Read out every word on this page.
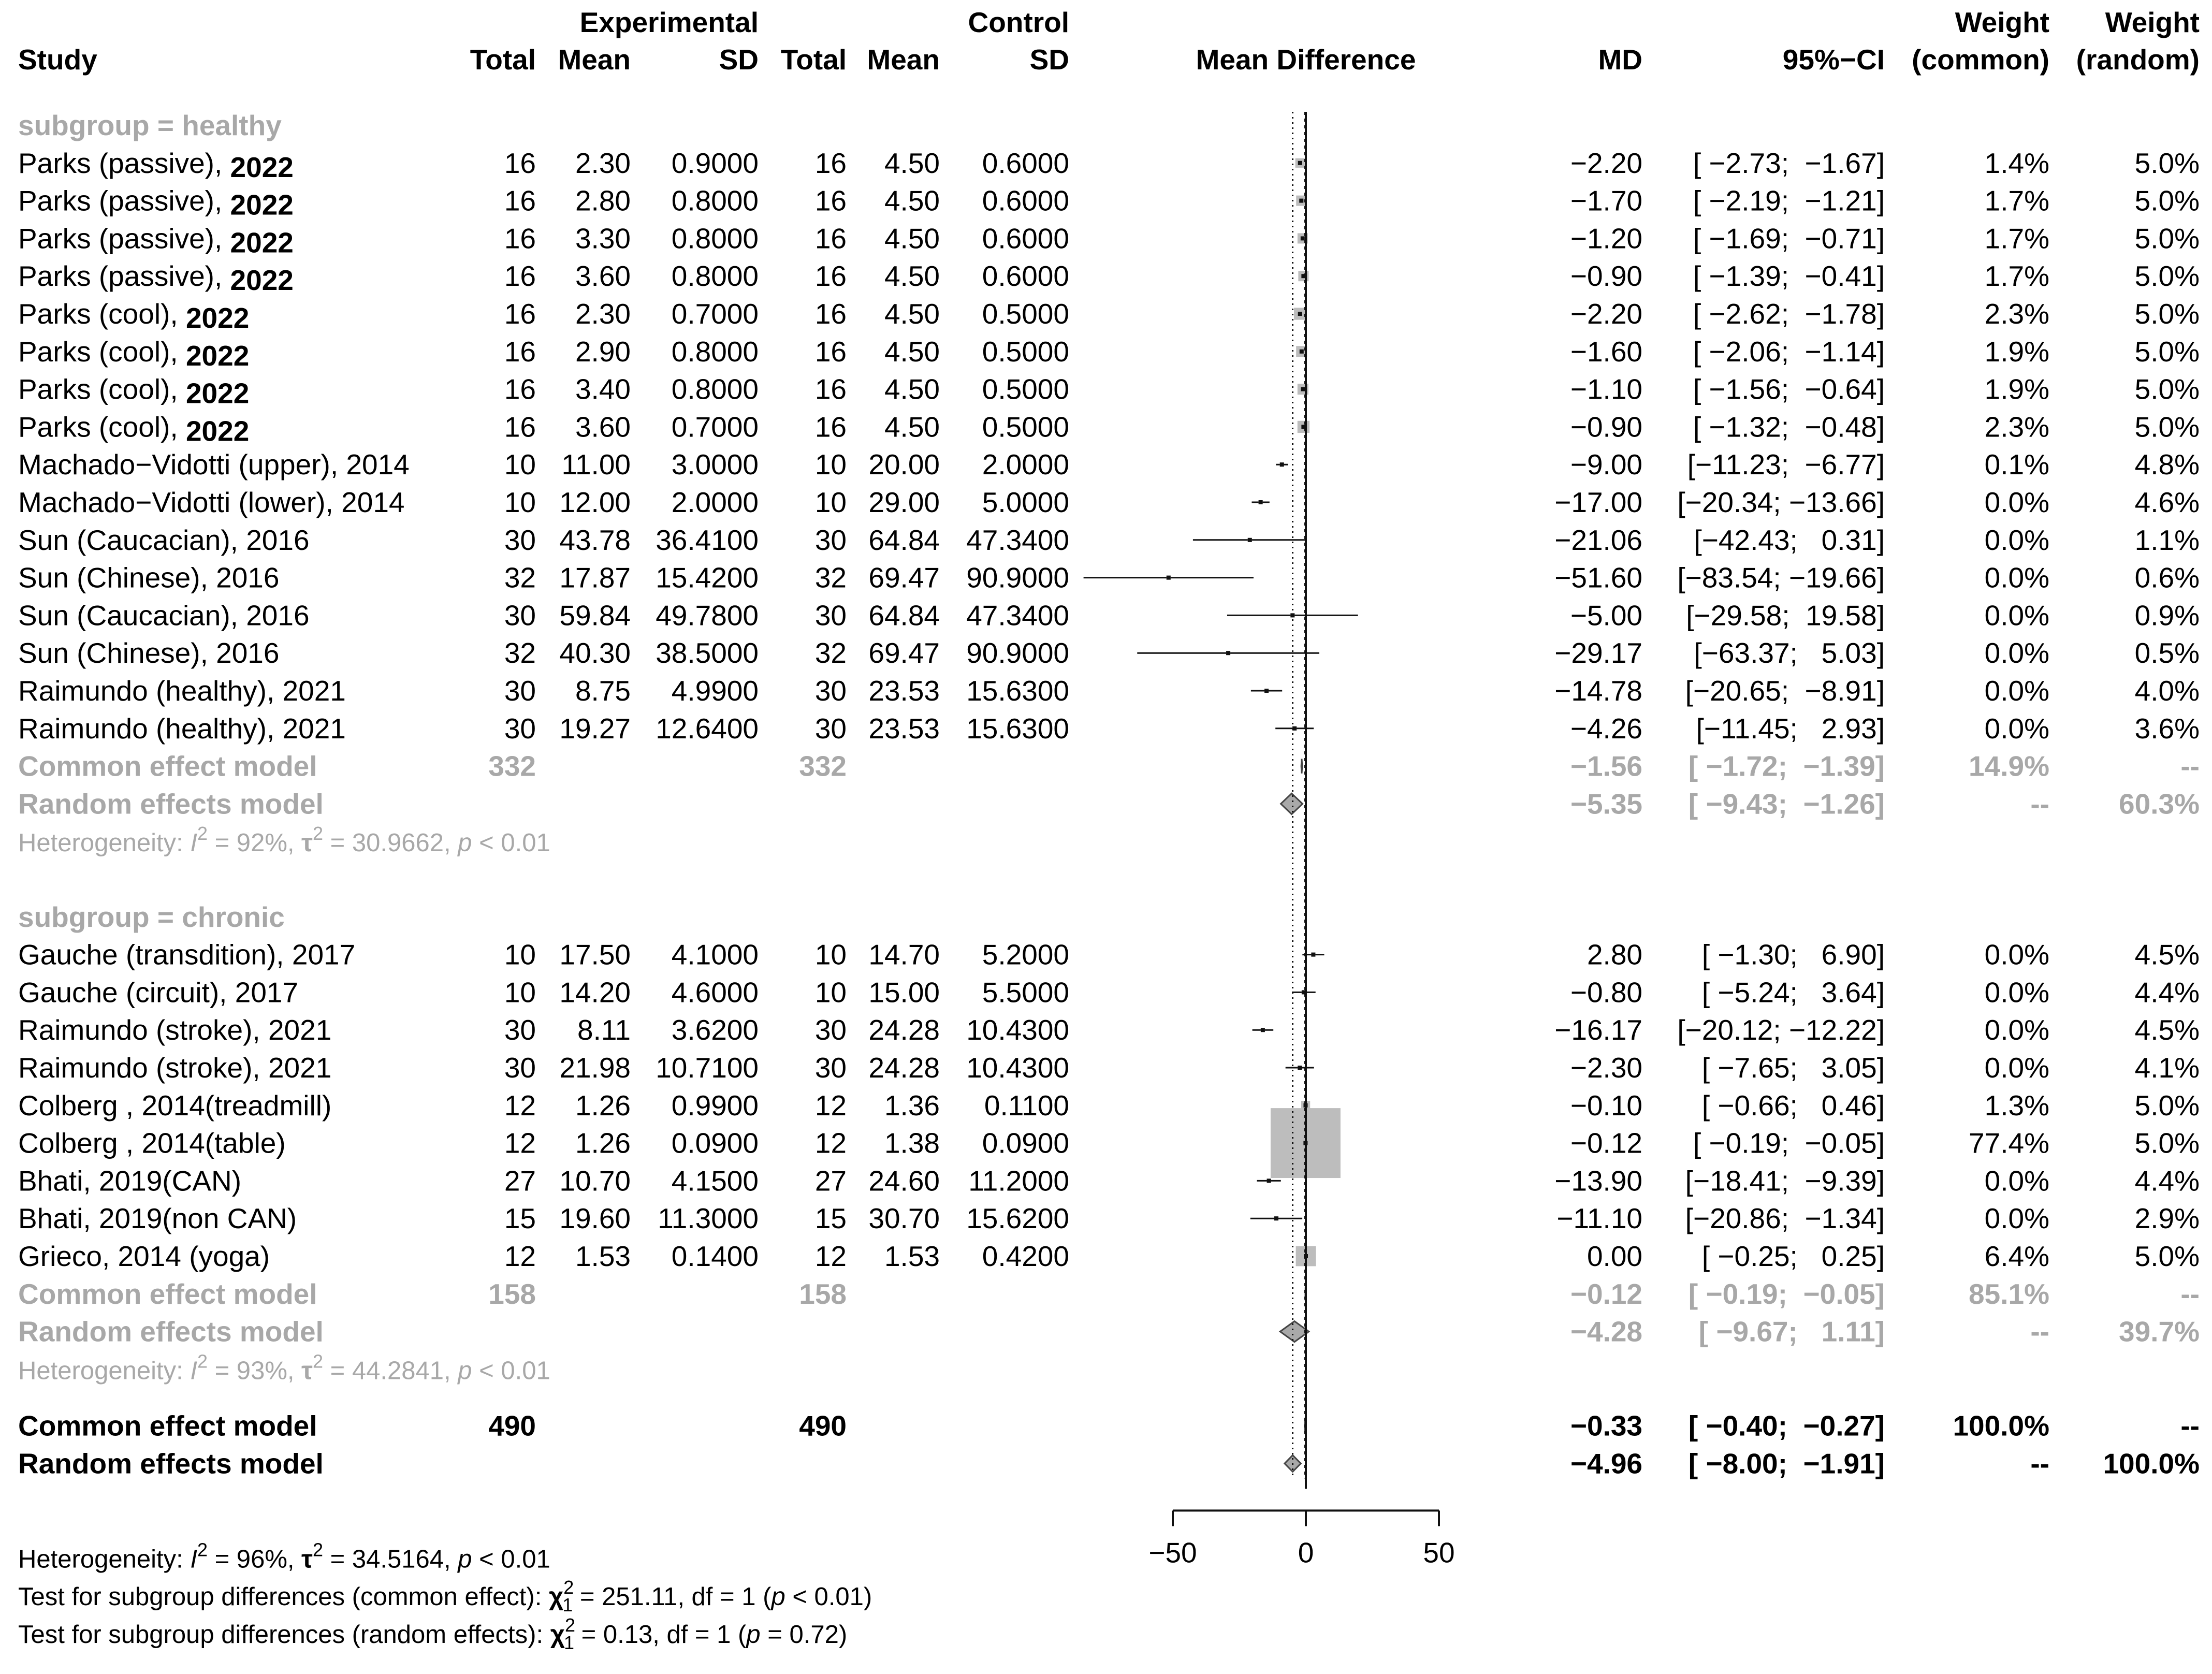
Experimental	Control	Weight Weight
Study	Total Mean	SD Total Mean	SD	Mean Difference	MD	95%−CI (common) (random)
subgroup = healthy
Parks (passive), 2022	16 2.30 0.9000 16 4.50 0.6000	−2.20 [ −2.73;  −1.67]	1.4%	5.0%
Parks (passive), 2022	16 2.80 0.8000 16 4.50 0.6000	−1.70 [ −2.19;  −1.21]	1.7%	5.0%
Parks (passive), 2022	16 3.30 0.8000 16 4.50 0.6000	−1.20 [ −1.69;  −0.71]	1.7%	5.0%
Parks (passive), 2022	16 3.60 0.8000 16 4.50 0.6000	−0.90 [ −1.39;  −0.41]	1.7%	5.0%
Parks (cool), 2022	16 2.30 0.7000 16 4.50 0.5000	−2.20 [ −2.62;  −1.78]	2.3%	5.0%
Parks (cool), 2022	16 2.90 0.8000 16 4.50 0.5000	−1.60 [ −2.06;  −1.14]	1.9%	5.0%
Parks (cool), 2022	16 3.40 0.8000 16 4.50 0.5000	−1.10 [ −1.56;  −0.64]	1.9%	5.0%
Parks (cool), 2022	16 3.60 0.7000 16 4.50 0.5000	−0.90 [ −1.32;  −0.48]	2.3%	5.0%
Machado−Vidotti (upper), 2014	10 11.00 3.0000 10 20.00 2.0000	−9.00 [−11.23;  −6.77]	0.1%	4.8%
Machado−Vidotti (lower), 2014	10 12.00 2.0000 10 29.00 5.0000	−17.00 [−20.34; −13.66]	0.0%	4.6%
Sun (Caucacian), 2016	30 43.78 36.4100 30 64.84 47.3400	−21.06 [−42.43;   0.31]	0.0%	1.1%
Sun (Chinese), 2016	32 17.87 15.4200 32 69.47 90.9000	−51.60 [−83.54; −19.66]	0.0%	0.6%
Sun (Caucacian), 2016	30 59.84 49.7800 30 64.84 47.3400	−5.00 [−29.58;  19.58]	0.0%	0.9%
Sun (Chinese), 2016	32 40.30 38.5000 32 69.47 90.9000	−29.17 [−63.37;   5.03]	0.0%	0.5%
Raimundo (healthy), 2021	30 8.75 4.9900 30 23.53 15.6300	−14.78 [−20.65;  −8.91]	0.0%	4.0%
Raimundo (healthy), 2021	30 19.27 12.6400 30 23.53 15.6300	−4.26 [−11.45;   2.93]	0.0%	3.6%
Common effect model	332	332	−1.56 [ −1.72;  −1.39]	14.9%	--
Random effects model	−5.35 [ −9.43;  −1.26]	-- 60.3%
Heterogeneity: $I^2 = 92\%$, $\tau^2 = 30.9662$, p < 0.01
subgroup = chronic
Gauche (transdition), 2017	10 17.50 4.1000 10 14.70 5.2000	2.80 [ −1.30;   6.90]	0.0%	4.5%
Gauche (circuit), 2017	10 14.20 4.6000 10 15.00 5.5000	−0.80 [ −5.24;   3.64]	0.0%	4.4%
Raimundo (stroke), 2021	30 8.11 3.6200 30 24.28 10.4300	−16.17 [−20.12; −12.22]	0.0%	4.5%
Raimundo (stroke), 2021	30 21.98 10.7100 30 24.28 10.4300	−2.30 [ −7.65;   3.05]	0.0%	4.1%
Colberg , 2014(treadmill)	12 1.26 0.9900 12 1.36 0.1100	−0.10 [ −0.66;   0.46]	1.3%	5.0%
Colberg , 2014(table)	12 1.26 0.0900 12 1.38 0.0900	−0.12 [ −0.19;  −0.05]	77.4%	5.0%
Bhati, 2019(CAN)	27 10.70 4.1500 27 24.60 11.2000	−13.90 [−18.41;  −9.39]	0.0%	4.4%
Bhati, 2019(non CAN)	15 19.60 11.3000 15 30.70 15.6200	−11.10 [−20.86;  −1.34]	0.0%	2.9%
Grieco, 2014 (yoga)	12 1.53 0.1400 12 1.53 0.4200	0.00 [ −0.25;   0.25]	6.4%	5.0%
Common effect model	158	158	−0.12 [ −0.19;  −0.05]	85.1%	--
Random effects model	−4.28 [ −9.67;   1.11]	-- 39.7%
Heterogeneity: $I^2 = 93\%$, $\tau^2 = 44.2841$, p < 0.01
Common effect model	490	490	−0.33 [ −0.40;  −0.27] 100.0%	--
Random effects model	−4.96 [ −8.00;  −1.91]	-- 100.0%
−50	0	50
Heterogeneity: $I^2 = 96\%$, $\tau^2 = 34.5164$, p < 0.01
Test for subgroup differences (common effect): $\chi^2$ 1 = 251.11, df = 1 (p < 0.01)
Test for subgroup differences (random effects): $\chi^2$ 1 = 0.13, df = 1 (p = 0.72)
